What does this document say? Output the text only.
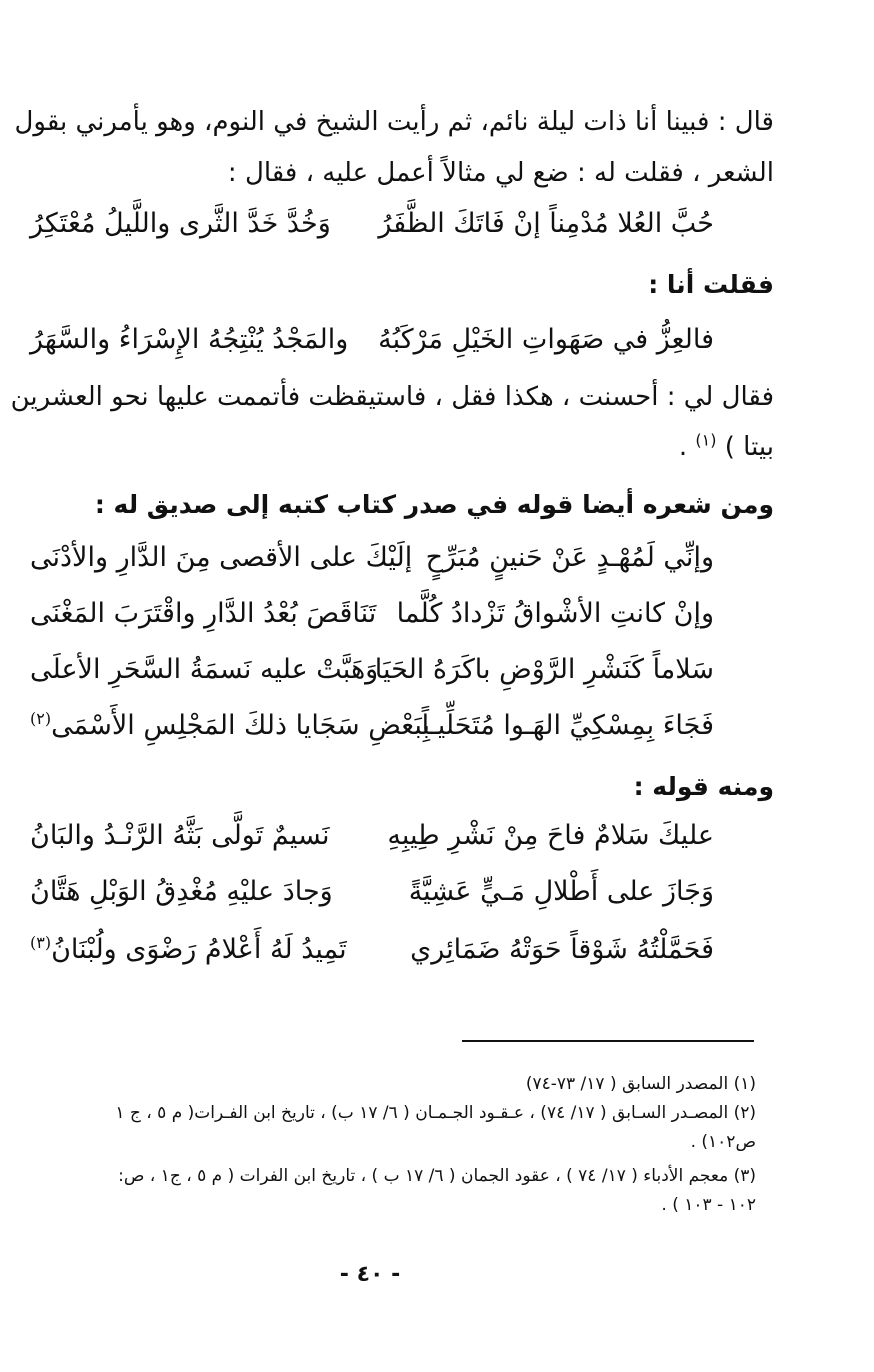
قال : فبينا أنا ذات ليلة نائم، ثم رأيت الشيخ في النوم، وهو يأمرني بقول
الشعر ، فقلت له : ضع لي مثالاً أعمل عليه ، فقال :
حُبَّ العُلا مُدْمِناً إنْ فَاتَكَ الظَّفَرُ
وَخُدَّ خَدَّ الثَّرى واللَّيلُ مُعْتَكِرُ
فقلت أنا :
فالعِزُّ في صَهَواتِ الخَيْلِ مَرْكَبُهُ
والمَجْدُ يُنْتِجُهُ الإِسْرَاءُ والسَّهَرُ
فقال لي : أحسنت ، هكذا فقل ، فاستيقظت فأتممت عليها نحو العشرين
بيتا ) $^{(١)}$ .
ومن شعره أيضا قوله في صدر كتاب كتبه إلى صديق له :
وإنِّي لَمُهْـدٍ عَنْ حَنينٍ مُبَرِّحٍ
إلَيْكَ على الأقصى مِنَ الدَّارِ والأدْنَى
وإنْ كانتِ الأشْواقُ تَزْدادُ كُلَّما
تَنَاقَصَ بُعْدُ الدَّارِ واقْتَرَبَ المَغْنَى
سَلاماً كَنَشْرِ الرَّوْضِ باكَرَهُ الحَيَا
وَهَبَّتْ عليه نَسمَةُ السَّحَرِ الأعلَى
فَجَاءَ بِمِسْكِيِّ الهَـوا مُتَحَلِّيـاً
بِبَعْضِ سَجَايا ذلكَ المَجْلِسِ الأَسْمَى$^{(٢)}$
ومنه قوله :
عليكَ سَلامٌ فاحَ مِنْ نَشْرِ طِيبِهِ
نَسيمٌ تَولَّى بَثَّهُ الرَّنْـدُ والبَانُ
وَجَازَ على أَطْلالِ مَـيٍّ عَشِيَّةً
وَجادَ عليْهِ مُغْدِقُ الوَبْلِ هَتَّانُ
فَحَمَّلْتُهُ شَوْقاً حَوَتْهُ ضَمَائِري
تَمِيدُ لَهُ أَعْلامُ رَضْوَى ولُبْنَانُ$^{(٣)}$
(١) المصدر السابق ( ١٧/ ٧٣-٧٤)
(٢) المصـدر السـابق ( ١٧/ ٧٤) ، عـقـود الجـمـان ( ٦/ ١٧ ب) ، تاريخ ابن الفـرات( م ٥ ، ج ١
ص١٠٢) .
(٣) معجم الأدباء ( ١٧/ ٧٤ ) ، عقود الجمان ( ٦/ ١٧ ب ) ، تاريخ ابن الفرات ( م ٥ ، ج١ ، ص:
١٠٢ - ١٠٣ ) .
- ٤٠ -
